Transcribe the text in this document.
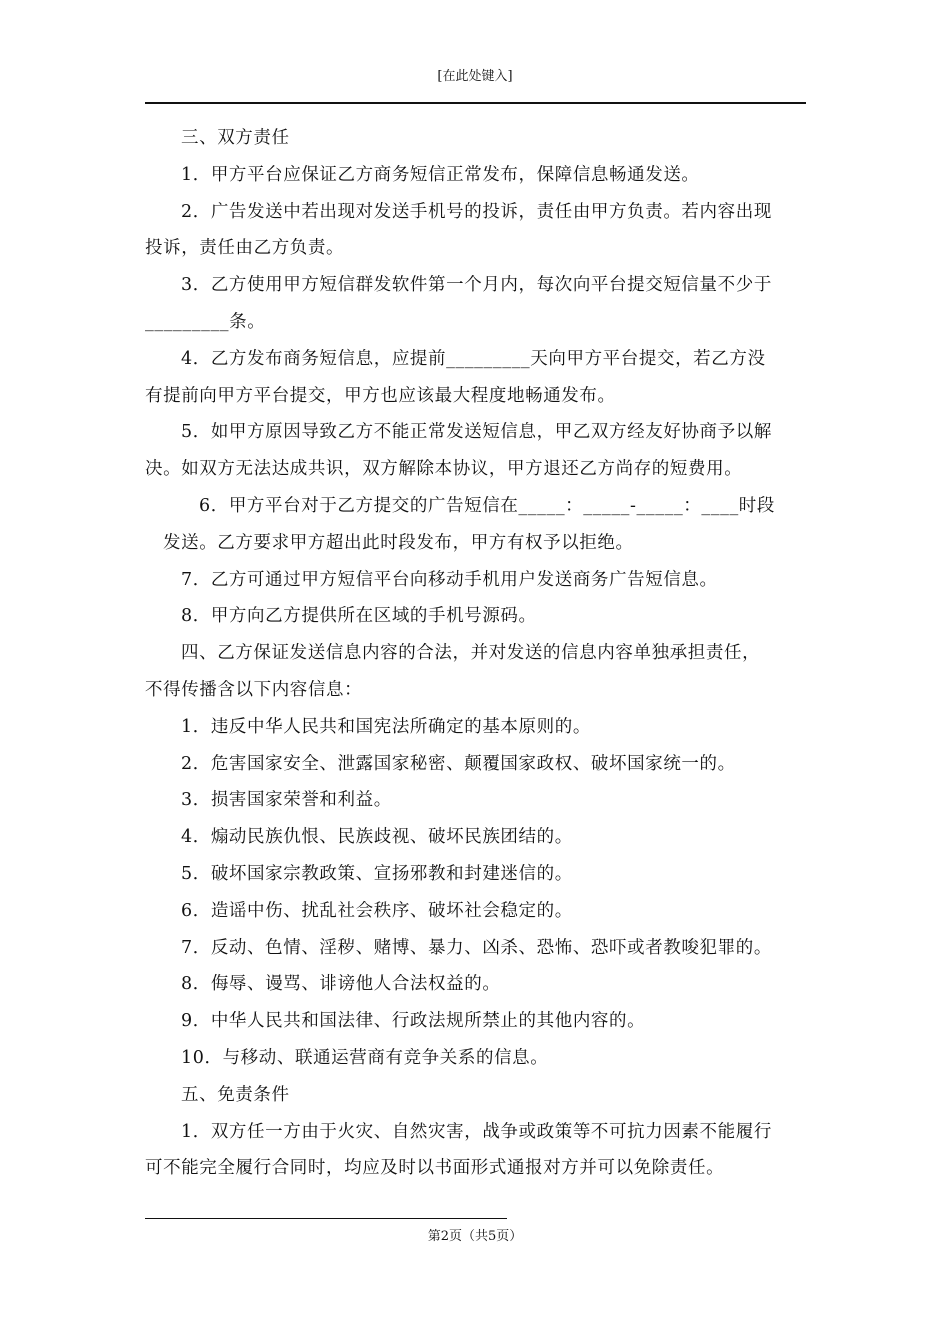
[在此处键入]
三、双方责任
1．甲方平台应保证乙方商务短信正常发布，保障信息畅通发送。
2．广告发送中若出现对发送手机号的投诉，责任由甲方负责。若内容出现
投诉，责任由乙方负责。
3．乙方使用甲方短信群发软件第一个月内，每次向平台提交短信量不少于
_________条。
4．乙方发布商务短信息，应提前_________天向甲方平台提交，若乙方没
有提前向甲方平台提交，甲方也应该最大程度地畅通发布。
5．如甲方原因导致乙方不能正常发送短信息，甲乙双方经友好协商予以解
决。如双方无法达成共识，双方解除本协议，甲方退还乙方尚存的短费用。
6．甲方平台对于乙方提交的广告短信在_____：_____-_____：____时段
发送。乙方要求甲方超出此时段发布，甲方有权予以拒绝。
7．乙方可通过甲方短信平台向移动手机用户发送商务广告短信息。
8．甲方向乙方提供所在区域的手机号源码。
四、乙方保证发送信息内容的合法，并对发送的信息内容单独承担责任，
不得传播含以下内容信息：
1．违反中华人民共和国宪法所确定的基本原则的。
2．危害国家安全、泄露国家秘密、颠覆国家政权、破坏国家统一的。
3．损害国家荣誉和利益。
4．煽动民族仇恨、民族歧视、破坏民族团结的。
5．破坏国家宗教政策、宣扬邪教和封建迷信的。
6．造谣中伤、扰乱社会秩序、破坏社会稳定的。
7．反动、色情、淫秽、赌博、暴力、凶杀、恐怖、恐吓或者教唆犯罪的。
8．侮辱、谩骂、诽谤他人合法权益的。
9．中华人民共和国法律、行政法规所禁止的其他内容的。
10．与移动、联通运营商有竞争关系的信息。
五、免责条件
1．双方任一方由于火灾、自然灾害，战争或政策等不可抗力因素不能履行
可不能完全履行合同时，均应及时以书面形式通报对方并可以免除责任。
第2页（共5页）
